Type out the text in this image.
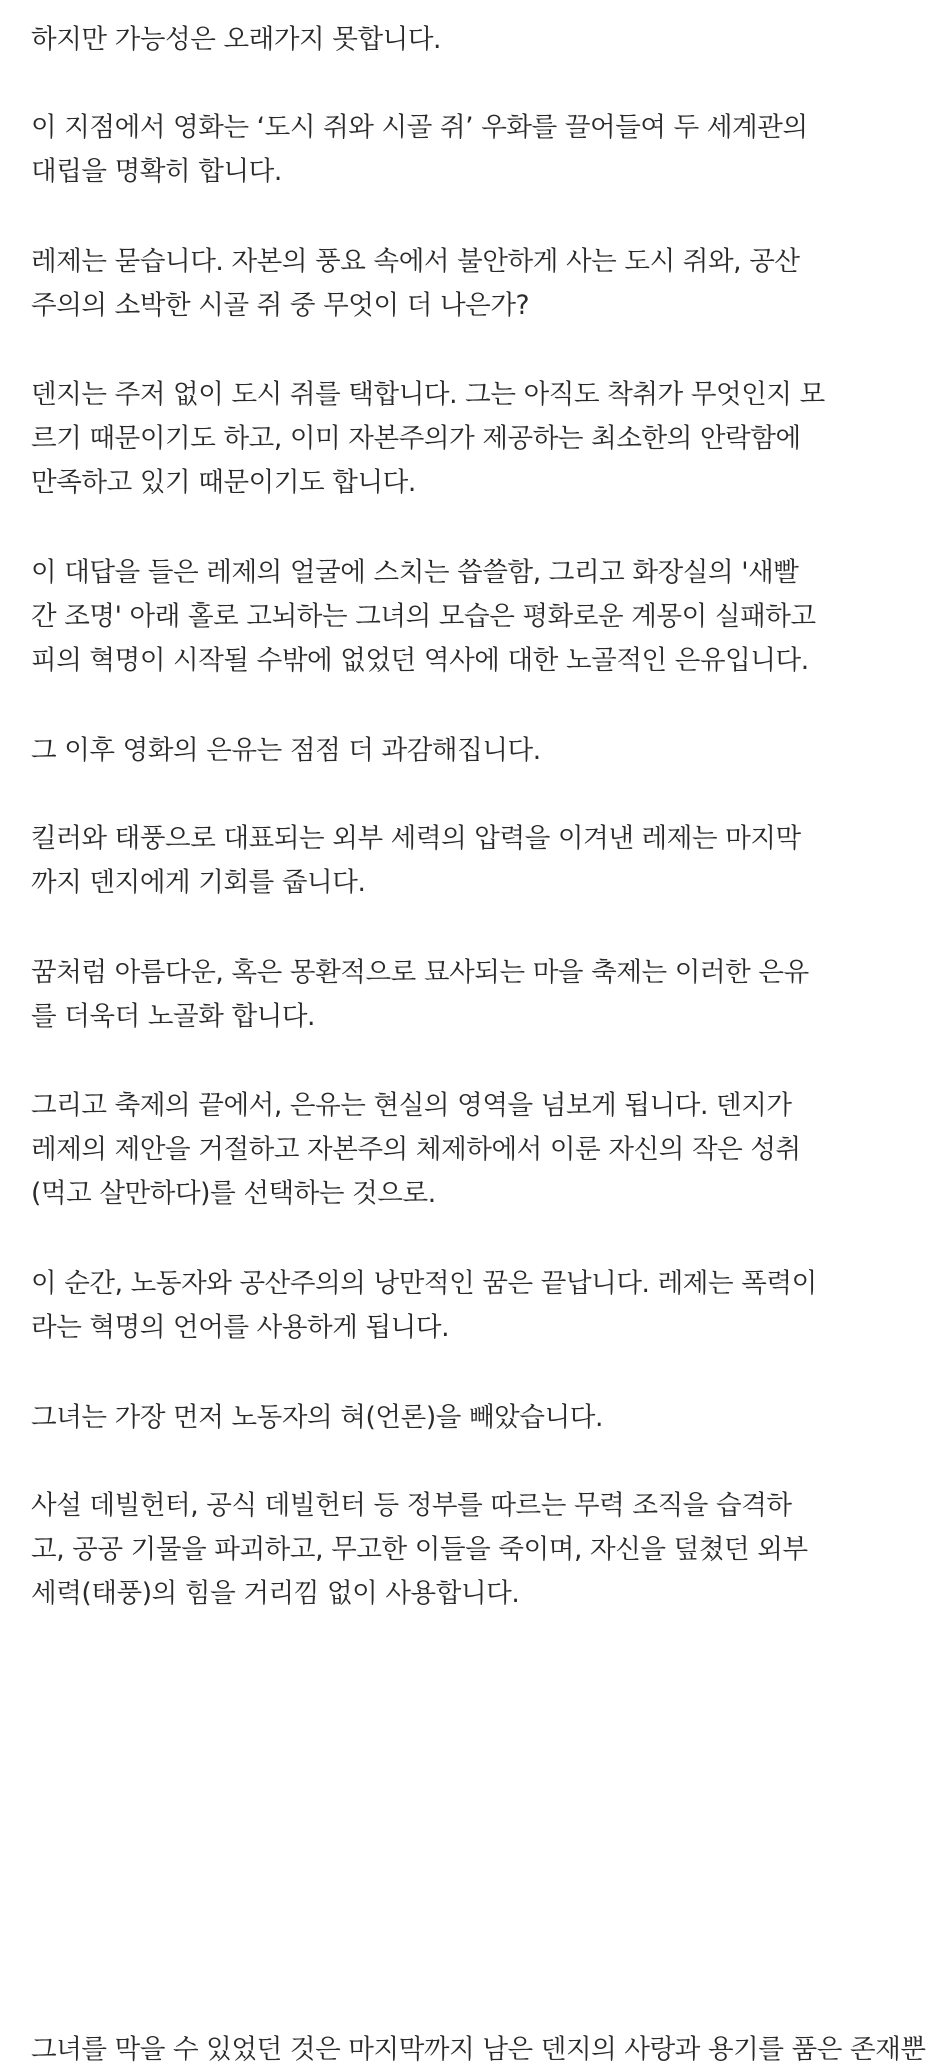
하지만 가능성은 오래가지 못합니다.

이 지점에서 영화는 ‘도시 쥐와 시골 쥐’ 우화를 끌어들여 두 세계관의
대립을 명확히 합니다.

레제는 묻습니다. 자본의 풍요 속에서 불안하게 사는 도시 쥐와, 공산
주의의 소박한 시골 쥐 중 무엇이 더 나은가?

덴지는 주저 없이 도시 쥐를 택합니다. 그는 아직도 착취가 무엇인지 모
르기 때문이기도 하고, 이미 자본주의가 제공하는 최소한의 안락함에
만족하고 있기 때문이기도 합니다.

이 대답을 들은 레제의 얼굴에 스치는 씁쓸함, 그리고 화장실의 '새빨
간 조명' 아래 홀로 고뇌하는 그녀의 모습은 평화로운 계몽이 실패하고
피의 혁명이 시작될 수밖에 없었던 역사에 대한 노골적인 은유입니다.

그 이후 영화의 은유는 점점 더 과감해집니다.

킬러와 태풍으로 대표되는 외부 세력의 압력을 이겨낸 레제는 마지막
까지 덴지에게 기회를 줍니다.

꿈처럼 아름다운, 혹은 몽환적으로 묘사되는 마을 축제는 이러한 은유
를 더욱더 노골화 합니다.

그리고 축제의 끝에서, 은유는 현실의 영역을 넘보게 됩니다. 덴지가
레제의 제안을 거절하고 자본주의 체제하에서 이룬 자신의 작은 성취
(먹고 살만하다)를 선택하는 것으로.

이 순간, 노동자와 공산주의의 낭만적인 꿈은 끝납니다. 레제는 폭력이
라는 혁명의 언어를 사용하게 됩니다.

그녀는 가장 먼저 노동자의 혀(언론)을 빼았습니다.

사설 데빌헌터, 공식 데빌헌터 등 정부를 따르는 무력 조직을 습격하
고, 공공 기물을 파괴하고, 무고한 이들을 죽이며, 자신을 덮쳤던 외부
세력(태풍)의 힘을 거리낌 없이 사용합니다.

그녀를 막을 수 있었던 것은 마지막까지 남은 덴지의 사랑과 용기를 품은 존재뿐
